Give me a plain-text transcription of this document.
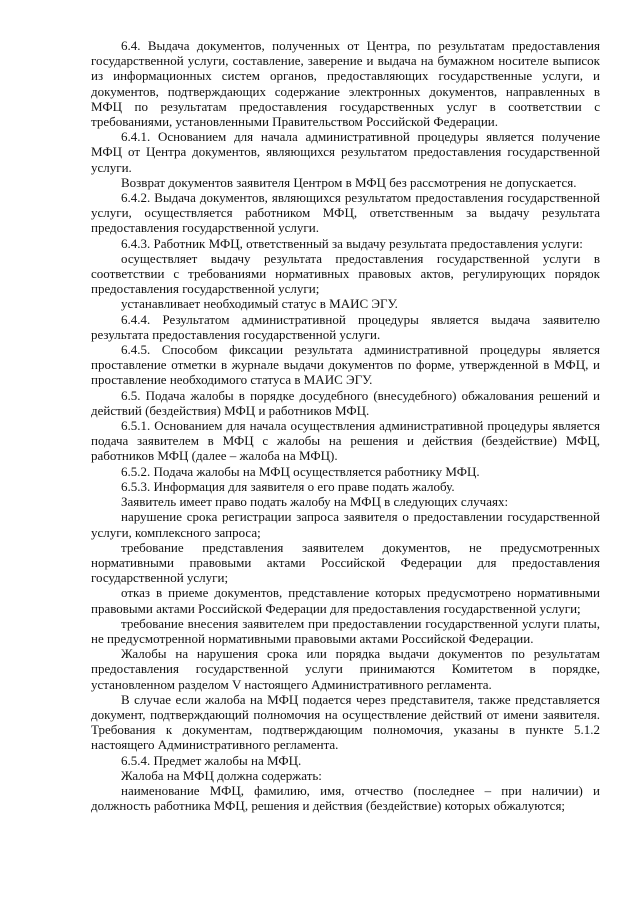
6.4. Выдача документов, полученных от Центра, по результатам предоставления государственной услуги, составление, заверение и выдача на бумажном носителе выписок из информационных систем органов, предоставляющих государственные услуги, и документов, подтверждающих содержание электронных документов, направленных в МФЦ по результатам предоставления государственных услуг в соответствии с требованиями, установленными Правительством Российской Федерации.

6.4.1. Основанием для начала административной процедуры является получение МФЦ от Центра документов, являющихся результатом предоставления государственной услуги.

Возврат документов заявителя Центром в МФЦ без рассмотрения не допускается.

6.4.2. Выдача документов, являющихся результатом предоставления государственной услуги, осуществляется работником МФЦ, ответственным за выдачу результата предоставления государственной услуги.

6.4.3. Работник МФЦ, ответственный за выдачу результата предоставления услуги:

осуществляет выдачу результата предоставления государственной услуги в соответствии с требованиями нормативных правовых актов, регулирующих порядок предоставления государственной услуги;

устанавливает необходимый статус в МАИС ЭГУ.

6.4.4. Результатом административной процедуры является выдача заявителю результата предоставления государственной услуги.

6.4.5. Способом фиксации результата административной процедуры является проставление отметки в журнале выдачи документов по форме, утвержденной в МФЦ, и проставление необходимого статуса в МАИС ЭГУ.

6.5. Подача жалобы в порядке досудебного (внесудебного) обжалования решений и действий (бездействия) МФЦ и работников МФЦ.

6.5.1. Основанием для начала осуществления административной процедуры является подача заявителем в МФЦ с жалобы на решения и действия (бездействие) МФЦ, работников МФЦ (далее – жалоба на МФЦ).

6.5.2. Подача жалобы на МФЦ осуществляется работнику МФЦ.

6.5.3. Информация для заявителя о его праве подать жалобу.

Заявитель имеет право подать жалобу на МФЦ в следующих случаях:

нарушение срока регистрации запроса заявителя о предоставлении государственной услуги, комплексного запроса;

требование представления заявителем документов, не предусмотренных нормативными правовыми актами Российской Федерации для предоставления государственной услуги;

отказ в приеме документов, представление которых предусмотрено нормативными правовыми актами Российской Федерации для предоставления государственной услуги;

требование внесения заявителем при предоставлении государственной услуги платы, не предусмотренной нормативными правовыми актами Российской Федерации.

Жалобы на нарушения срока или порядка выдачи документов по результатам предоставления государственной услуги принимаются Комитетом в порядке, установленном разделом V настоящего Административного регламента.

В случае если жалоба на МФЦ подается через представителя, также представляется документ, подтверждающий полномочия на осуществление действий от имени заявителя. Требования к документам, подтверждающим полномочия, указаны в пункте 5.1.2 настоящего Административного регламента.

6.5.4. Предмет жалобы на МФЦ.

Жалоба на МФЦ должна содержать:

наименование МФЦ, фамилию, имя, отчество (последнее – при наличии) и должность работника МФЦ, решения и действия (бездействие) которых обжалуются;
